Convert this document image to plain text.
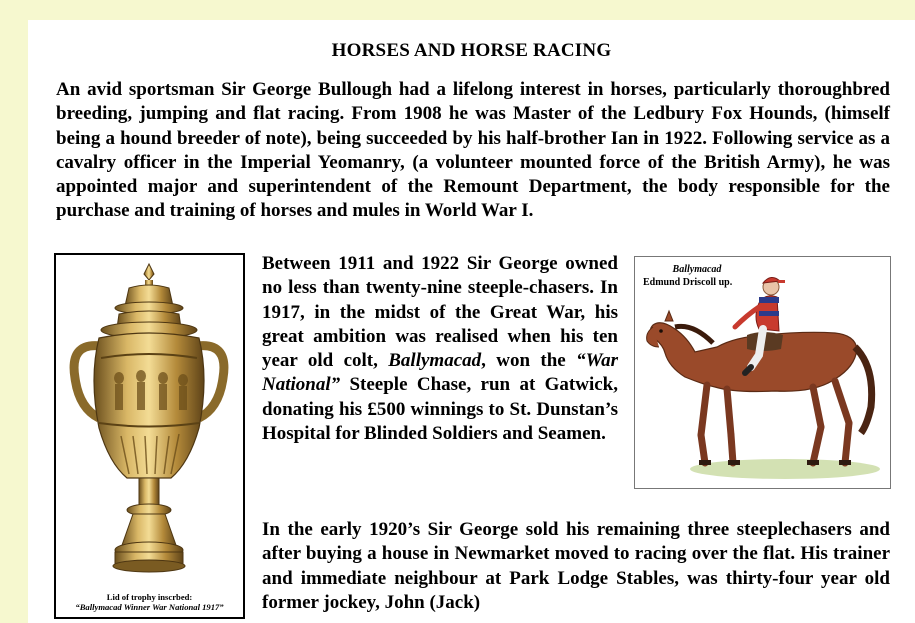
HORSES AND HORSE RACING
An avid sportsman Sir George Bullough had a lifelong interest in horses, particularly thoroughbred breeding, jumping and flat racing. From 1908 he was Master of the Ledbury Fox Hounds, (himself being a hound breeder of note), being succeeded by his half-brother Ian in 1922. Following service as a cavalry officer in the Imperial Yeomanry, (a volunteer mounted force of the British Army), he was appointed major and superintendent of the Remount Department, the body responsible for the purchase and training of horses and mules in World War I.
Lid of trophy inscrbed:
“Ballymacad Winner War National 1917”
Between 1911 and 1922 Sir George owned no less than twenty-nine steeple-chasers. In 1917, in the midst of the Great War, his great ambition was realised when his ten year old colt, Ballymacad, won the “War National” Steeple Chase, run at Gatwick, donating his £500 winnings to St. Dunstan’s Hospital for Blinded Soldiers and Seamen.
Ballymacad
Edmund Driscoll up.
In the early 1920’s Sir George sold his remaining three steeplechasers and after buying a house in Newmarket moved to racing over the flat. His trainer and immediate neighbour at Park Lodge Stables, was thirty-four year old former jockey, John (Jack)
